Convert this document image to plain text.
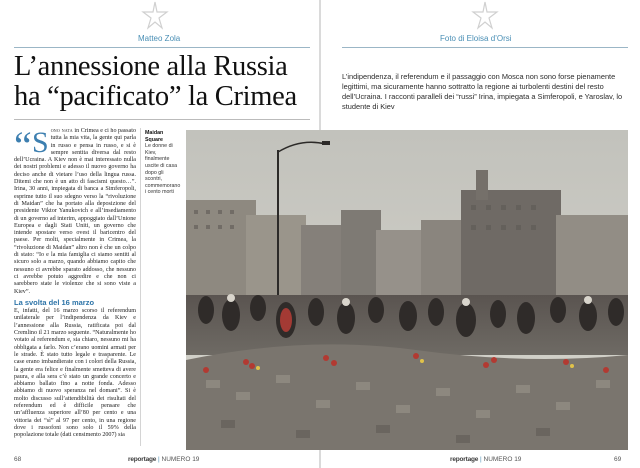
Matteo Zola
L’annessione alla Russia ha “pacificato” la Crimea
Foto di Eloisa d’Orsi
L’indipendenza, il referendum e il passaggio con Mosca non sono forse pienamente legittimi, ma sicuramente hanno sottratto la regione ai turbolenti destini del resto dell’Ucraina. I racconti paralleli dei “russi” Irina, impiegata a Simferopoli, e Yaroslav, lo studente di Kiev
“ S ono nata in Crimea e ci ho passato tutta la mia vita, la gente qui parla in russo e pensa in russo, e si è sempre sentita diversa dal resto dell’Ucraina. A Kiev non è mai interessato nulla dei nostri problemi e adesso il nuovo governo ha deciso anche di vietare l’uso della lingua russa. Ditemi che non è un atto di fascismi questo…”. Irina, 30 anni, impiegata di banca a Simferopoli, esprime tutto il suo sdegno verso la “rivoluzione di Maidan” che ha portato alla deposizione del presidente Viktor Yanukovich e all’insediamento di un governo ad interim, appoggiato dall’Unione Europea e dagli Stati Uniti, un governo che intende spostare verso ovest il baricentro del paese. Per molti, specialmente in Crimea, la “rivoluzione di Maidan” altro non è che un colpo di stato: “Io e la mia famiglia ci siamo sentiti al sicuro solo a marzo, quando abbiamo capito che nessuno ci avrebbe sparato addosso, che nessuno ci avrebbe potuto aggredire e che non ci sarebbero state le violenze che si sono viste a Kiev”.

La svolta del 16 marzo

E, infatti, del 16 marzo scorso il referendum unilaterale per l’indipendenza da Kiev e l’annessione alla Russia, ratificata poi dal Cremlino il 21 marzo seguente. “Naturalmente ho votato al referendum e, sia chiaro, nessuno mi ha obbligata a farlo. Non c’erano uomini armati per le strade. È stato tutto legale e trasparente. Le case erano imbandierate con i colori della Russia, la gente era felice e finalmente smetteva di avere paura, e alla sera c’è stato un grande concerto e abbiamo ballato fino a notte fonda. Adesso abbiamo di nuovo speranza nel domani”. Si è molto discusso sull’attendibilità dei risultati del referendum ed è difficile pensare che un’affluenza superiore all’80 per cento e una vittoria dei “sì” al 97 per cento, in una regione dove i russofoni sono solo il 59% della popolazione totale (dati censimento 2007) sia

Maidan Square
Le donne di Kiev, finalmente uscite di casa dopo gli scontri, commemorano i cento morti
68	reportage | NUMERO 19	reportage | NUMERO 19	69
